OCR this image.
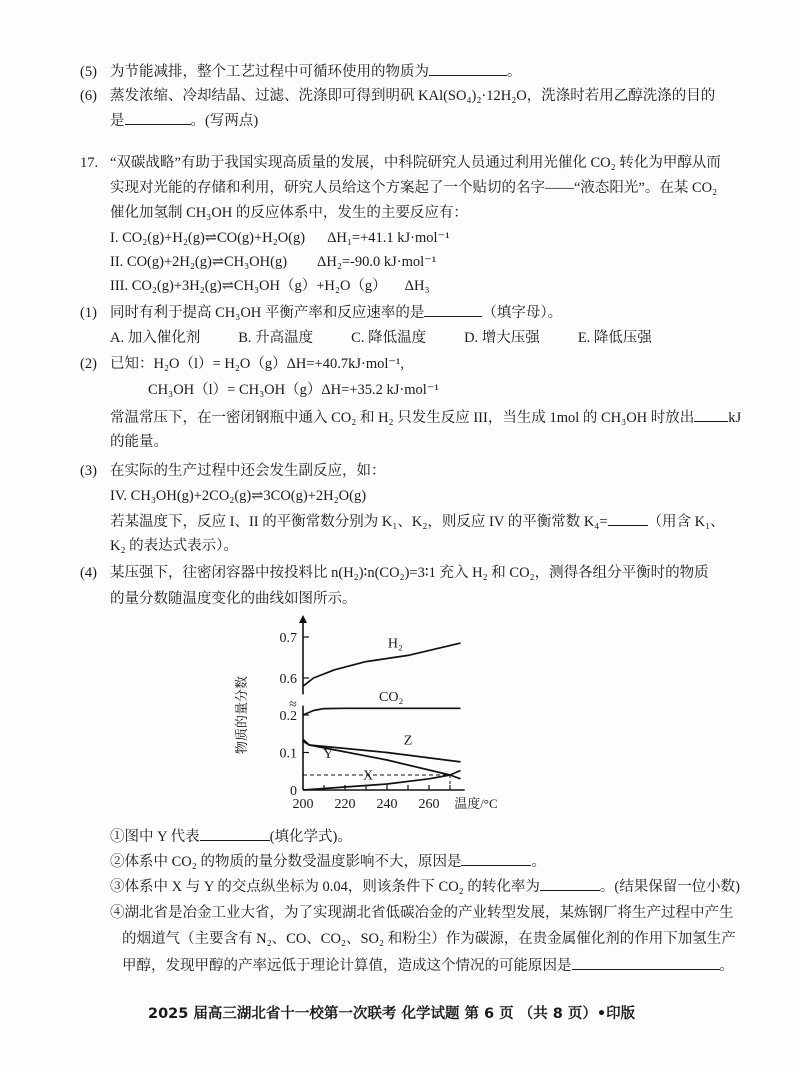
(5) 为节能减排，整个工艺过程中可循环使用的物质为	。
(6) 蒸发浓缩、冷却结晶、过滤、洗涤即可得到明矾 KAl(SO₄)₂·12H₂O，洗涤时若用乙醇洗涤的目的
是	。(写两点)
17. “双碳战略”有助于我国实现高质量的发展，中科院研究人员通过利用光催化 CO₂ 转化为甲醇从而
实现对光能的存储和利用，研究人员给这个方案起了一个贴切的名字——“液态阳光”。在某 CO₂
催化加氢制 CH₃OH 的反应体系中，发生的主要反应有：
I. CO₂(g)+H₂(g)⇌CO(g)+H₂O(g) ΔH₁=+41.1 kJ·mol⁻¹
II. CO(g)+2H₂(g)⇌CH₃OH(g) ΔH₂=-90.0 kJ·mol⁻¹
III. CO₂(g)+3H₂(g)⇌CH₃OH（g）+H₂O（g） ΔH₃
(1) 同时有利于提高 CH₃OH 平衡产率和反应速率的是	（填字母）。
A. 加入催化剂	B. 升高温度	C. 降低温度	D. 增大压强	E. 降低压强
(2) 已知：H₂O（l）= H₂O（g）ΔH=+40.7kJ·mol⁻¹,
CH₃OH（l）= CH₃OH（g）ΔH=+35.2 kJ·mol⁻¹
常温常压下，在一密闭钢瓶中通入 CO₂ 和 H₂ 只发生反应 III，当生成 1mol 的 CH₃OH 时放出 kJ
的能量。
(3) 在实际的生产过程中还会发生副反应，如：
IV. CH₃OH(g)+2CO₂(g)⇌3CO(g)+2H₂O(g)
若某温度下，反应 I、II 的平衡常数分别为 K₁、K₂，则反应 IV 的平衡常数 K₄=	（用含 K₁、
K₂ 的表达式表示）。
(4) 某压强下，往密闭容器中按投料比 n(H₂)∶n(CO₂)=3∶1 充入 H₂ 和 CO₂，测得各组分平衡时的物质
的量分数随温度变化的曲线如图所示。
≈
200 220 240 260 温度/°C
0
0.1
0.2
0.6
0.7
物质的量分数
H₂
CO₂
Z
Y
X
①图中 Y 代表	(填化学式)。
②体系中 CO₂ 的物质的量分数受温度影响不大，原因是	。
③体系中 X 与 Y 的交点纵坐标为 0.04，则该条件下 CO₂ 的转化率为	。(结果保留一位小数)
④湖北省是冶金工业大省，为了实现湖北省低碳冶金的产业转型发展，某炼钢厂将生产过程中产生
的烟道气（主要含有 N₂、CO、CO₂、SO₂ 和粉尘）作为碳源，在贵金属催化剂的作用下加氢生产
甲醇，发现甲醇的产率远低于理论计算值，造成这个情况的可能原因是	。
2025 届高三湖北省十一校第一次联考 化学试题 第 6 页 （共 8 页）•印版
